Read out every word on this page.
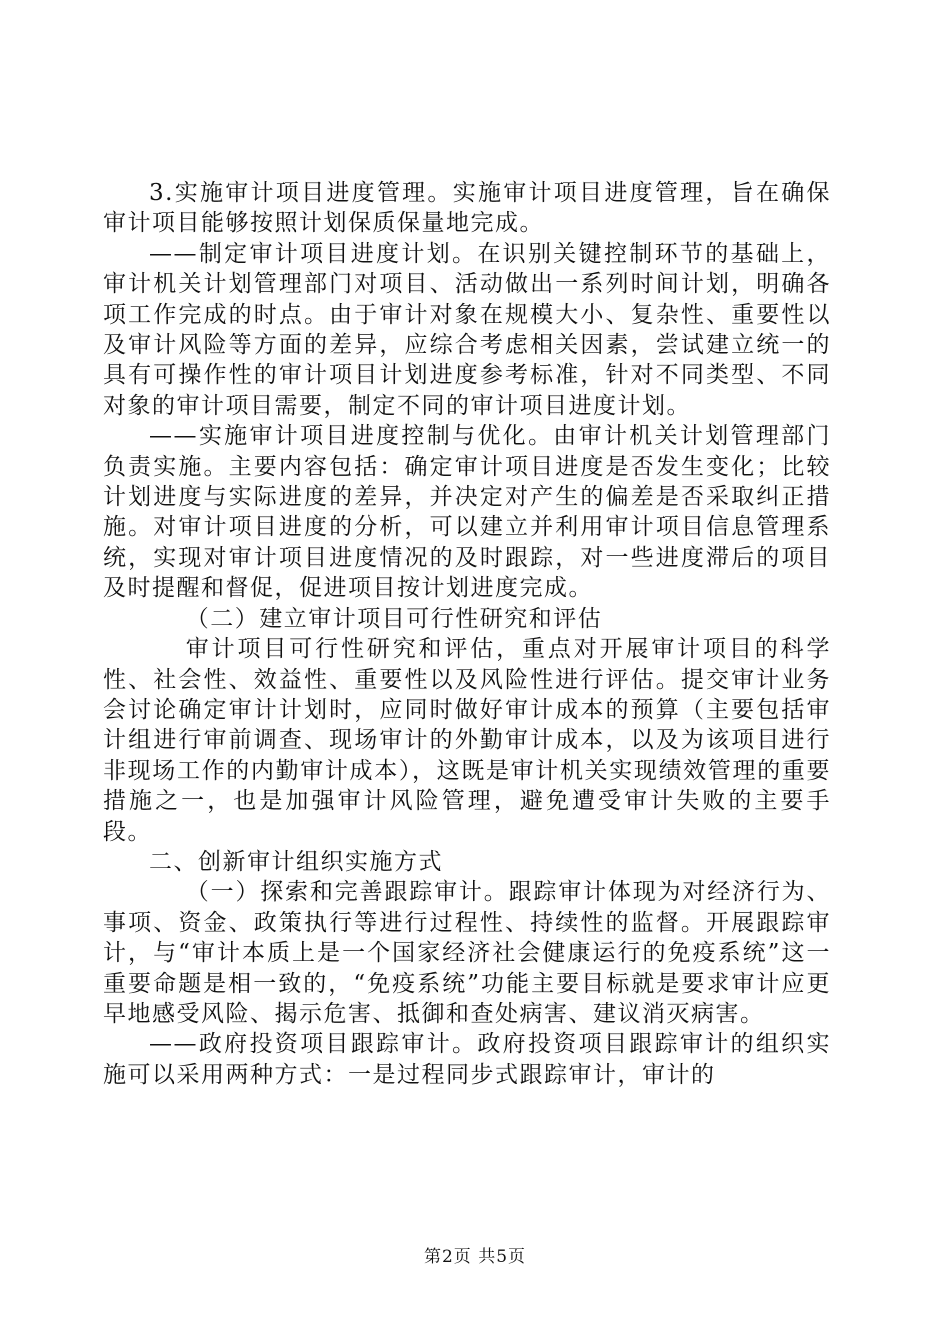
3.实施审计项目进度管理。实施审计项目进度管理，旨在确保审计项目能够按照计划保质保量地完成。

——制定审计项目进度计划。在识别关键控制环节的基础上，审计机关计划管理部门对项目、活动做出一系列时间计划，明确各项工作完成的时点。由于审计对象在规模大小、复杂性、重要性以及审计风险等方面的差异，应综合考虑相关因素，尝试建立统一的具有可操作性的审计项目计划进度参考标准，针对不同类型、不同对象的审计项目需要，制定不同的审计项目进度计划。

——实施审计项目进度控制与优化。由审计机关计划管理部门负责实施。主要内容包括：确定审计项目进度是否发生变化；比较计划进度与实际进度的差异，并决定对产生的偏差是否采取纠正措施。对审计项目进度的分析，可以建立并利用审计项目信息管理系统，实现对审计项目进度情况的及时跟踪，对一些进度滞后的项目及时提醒和督促，促进项目按计划进度完成。

（二）建立审计项目可行性研究和评估

审计项目可行性研究和评估，重点对开展审计项目的科学性、社会性、效益性、重要性以及风险性进行评估。提交审计业务会讨论确定审计计划时，应同时做好审计成本的预算（主要包括审计组进行审前调查、现场审计的外勤审计成本，以及为该项目进行非现场工作的内勤审计成本），这既是审计机关实现绩效管理的重要措施之一，也是加强审计风险管理，避免遭受审计失败的主要手段。

二、创新审计组织实施方式

（一）探索和完善跟踪审计。跟踪审计体现为对经济行为、事项、资金、政策执行等进行过程性、持续性的监督。开展跟踪审计，与“审计本质上是一个国家经济社会健康运行的免疫系统”这一重要命题是相一致的，“免疫系统”功能主要目标就是要求审计应更早地感受风险、揭示危害、抵御和查处病害、建议消灭病害。

——政府投资项目跟踪审计。政府投资项目跟踪审计的组织实施可以采用两种方式：一是过程同步式跟踪审计，审计的

第2页 共5页
